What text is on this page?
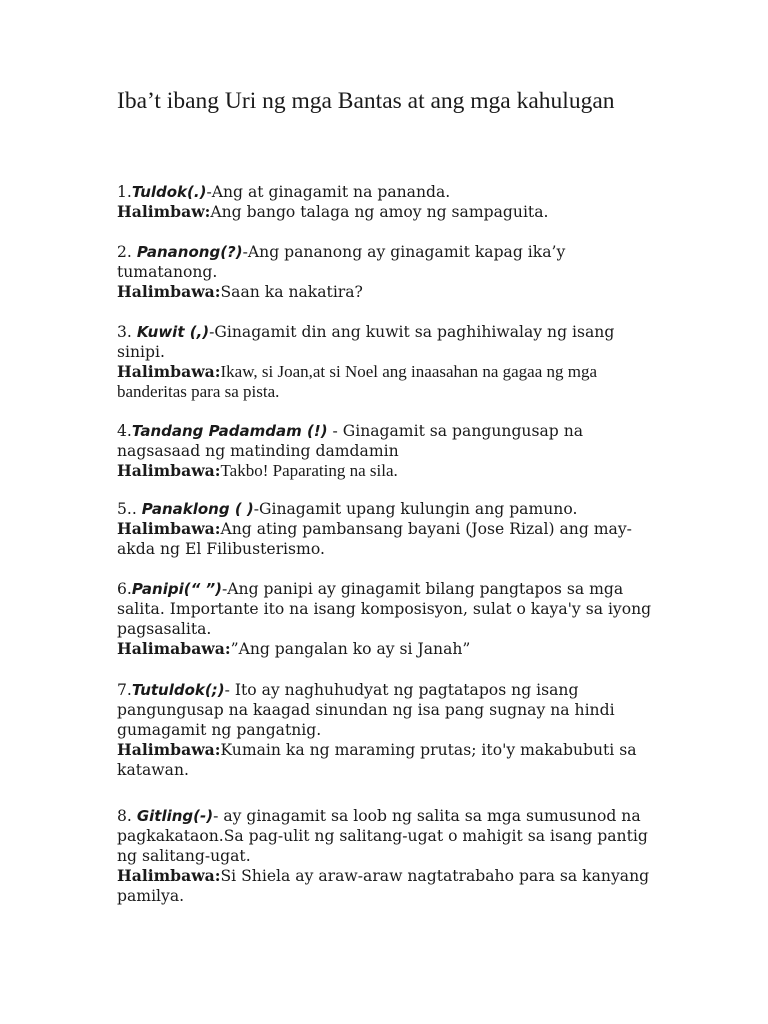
Iba’t ibang Uri ng mga Bantas at ang mga kahulugan

1.Tuldok(.)-Ang at ginagamit na pananda.

Halimbaw:Ang bango talaga ng amoy ng sampaguita.

2. Pananong(?)-Ang pananong ay ginagamit kapag ika’y tumatanong.

Halimbawa:Saan ka nakatira?

3. Kuwit (,)-Ginagamit din ang kuwit sa paghihiwalay ng isang sinipi.

Halimbawa:Ikaw, si Joan,at si Noel ang inaasahan na gagaa ng mga banderitas para sa pista.

4.Tandang Padamdam (!) - Ginagamit sa pangungusap na nagsasaad ng matinding damdamin

Halimbawa:Takbo! Paparating na sila.

5.. Panaklong ( )-Ginagamit upang kulungin ang pamuno.

Halimbawa:Ang ating pambansang bayani (Jose Rizal) ang may-akda ng El Filibusterismo.

6.Panipi(“ ”)-Ang panipi ay ginagamit bilang pangtapos sa mga salita. Importante ito na isang komposisyon, sulat o kaya'y sa iyong pagsasalita.

Halimabawa:”Ang pangalan ko ay si Janah”

7.Tutuldok(;)- Ito ay naghuhudyat ng pagtatapos ng isang pangungusap na kaagad sinundan ng isa pang sugnay na hindi gumagamit ng pangatnig.

Halimbawa:Kumain ka ng maraming prutas; ito'y makabubuti sa katawan.

8. Gitling(-)- ay ginagamit sa loob ng salita sa mga sumusunod na pagkakataon.Sa pag-ulit ng salitang-ugat o mahigit sa isang pantig ng salitang-ugat.

Halimbawa:Si Shiela ay araw-araw nagtatrabaho para sa kanyang pamilya.
